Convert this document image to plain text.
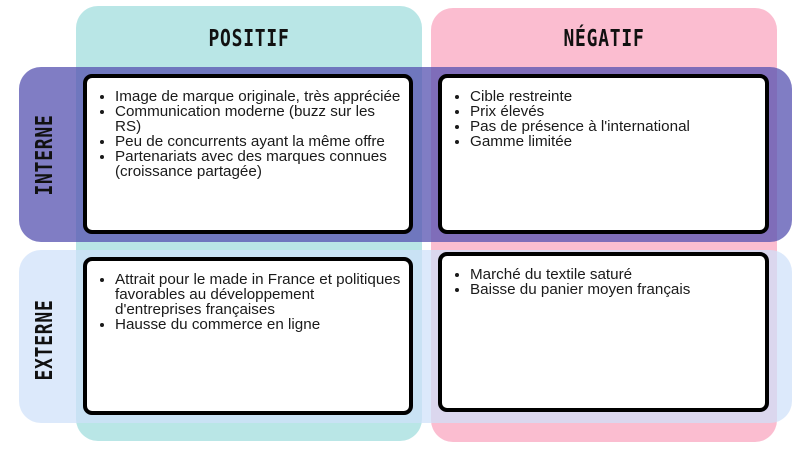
POSITIF	NÉGATIF
INTERNE
EXTERNE
• Image de marque originale, très appréciée
• Communication moderne (buzz sur les RS)
• Peu de concurrents ayant la même offre
• Partenariats avec des marques connues (croissance partagée)
• Cible restreinte
• Prix élevés
• Pas de présence à l'international
• Gamme limitée
• Attrait pour le made in France et politiques favorables au développement d'entreprises françaises
• Hausse du commerce en ligne
• Marché du textile saturé
• Baisse du panier moyen français
